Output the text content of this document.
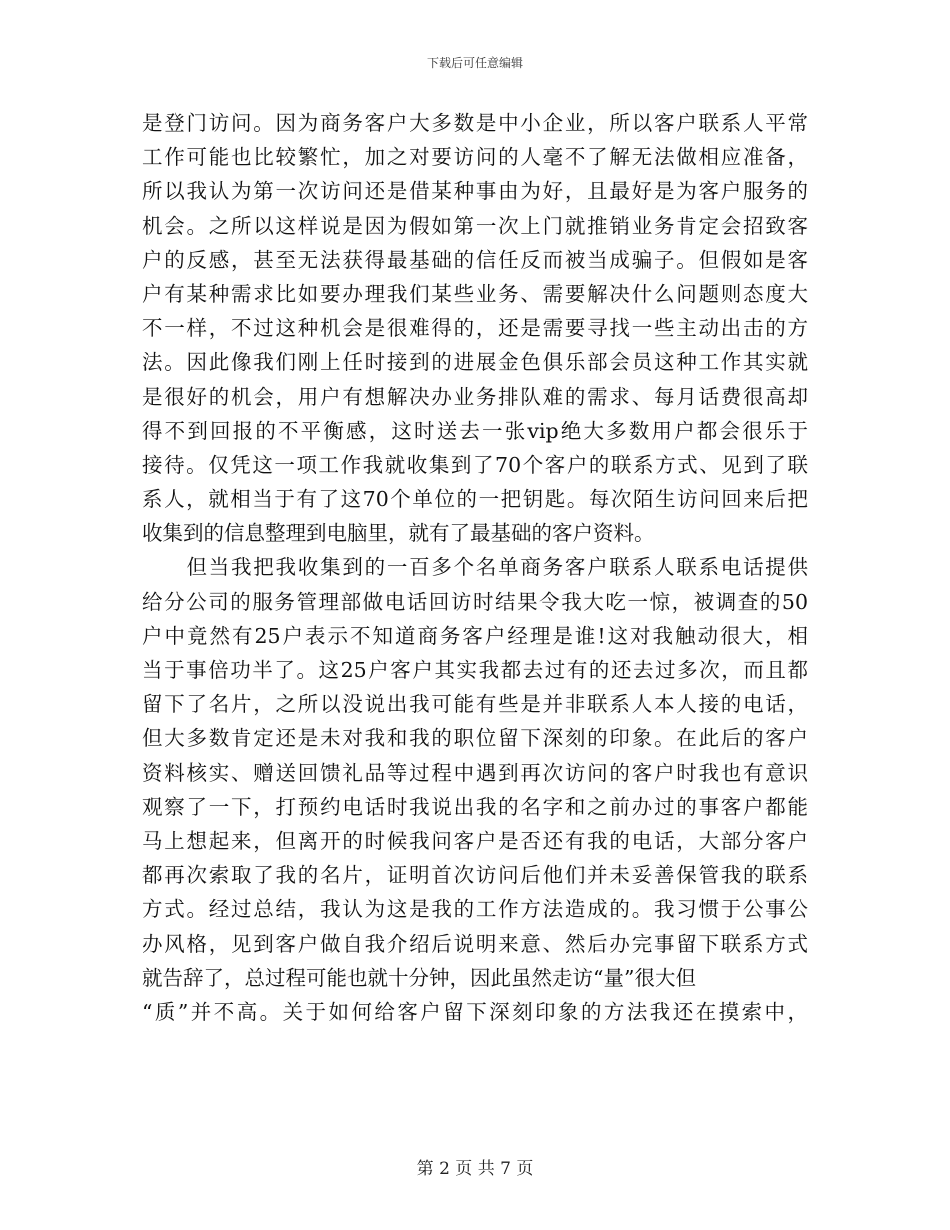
下载后可任意编辑
是登门访问。因为商务客户大多数是中小企业，所以客户联系人平常
工作可能也比较繁忙，加之对要访问的人毫不了解无法做相应准备，
所以我认为第一次访问还是借某种事由为好，且最好是为客户服务的
机会。之所以这样说是因为假如第一次上门就推销业务肯定会招致客
户的反感，甚至无法获得最基础的信任反而被当成骗子。但假如是客
户有某种需求比如要办理我们某些业务、需要解决什么问题则态度大
不一样，不过这种机会是很难得的，还是需要寻找一些主动出击的方
法。因此像我们刚上任时接到的进展金色俱乐部会员这种工作其实就
是很好的机会，用户有想解决办业务排队难的需求、每月话费很高却
得不到回报的不平衡感，这时送去一张vip绝大多数用户都会很乐于
接待。仅凭这一项工作我就收集到了70个客户的联系方式、见到了联
系人，就相当于有了这70个单位的一把钥匙。每次陌生访问回来后把
收集到的信息整理到电脑里，就有了最基础的客户资料。
　　但当我把我收集到的一百多个名单商务客户联系人联系电话提供
给分公司的服务管理部做电话回访时结果令我大吃一惊，被调查的50
户中竟然有25户表示不知道商务客户经理是谁!这对我触动很大，相
当于事倍功半了。这25户客户其实我都去过有的还去过多次，而且都
留下了名片，之所以没说出我可能有些是并非联系人本人接的电话，
但大多数肯定还是未对我和我的职位留下深刻的印象。在此后的客户
资料核实、赠送回馈礼品等过程中遇到再次访问的客户时我也有意识
观察了一下，打预约电话时我说出我的名字和之前办过的事客户都能
马上想起来，但离开的时候我问客户是否还有我的电话，大部分客户
都再次索取了我的名片，证明首次访问后他们并未妥善保管我的联系
方式。经过总结，我认为这是我的工作方法造成的。我习惯于公事公
办风格，见到客户做自我介绍后说明来意、然后办完事留下联系方式
就告辞了，总过程可能也就十分钟，因此虽然走访“量”很大但
“质”并不高。关于如何给客户留下深刻印象的方法我还在摸索中，
第 2 页 共 7 页
